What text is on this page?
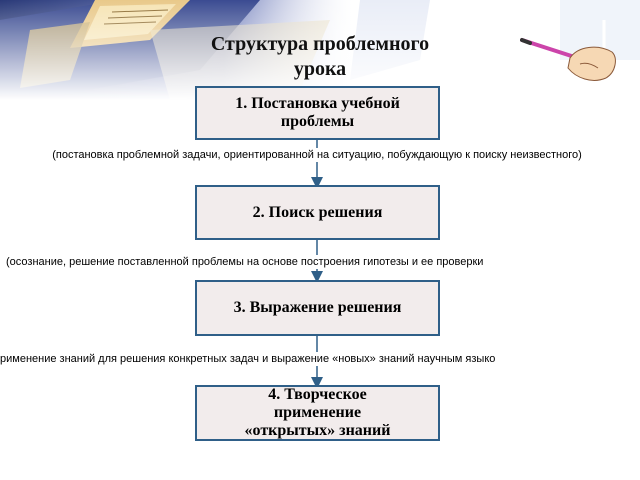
Структура проблемного
урока
1. Постановка учебной проблемы
2. Поиск решения
3. Выражение решения
4. Творческое применение «открытых» знаний
(постановка проблемной задачи, ориентированной на ситуацию, побуждающую к поиску неизвестного)
(осознание, решение поставленной проблемы на основе построения гипотезы и ее проверки
рименение знаний для решения конкретных задач и выражение «новых» знаний научным языко
